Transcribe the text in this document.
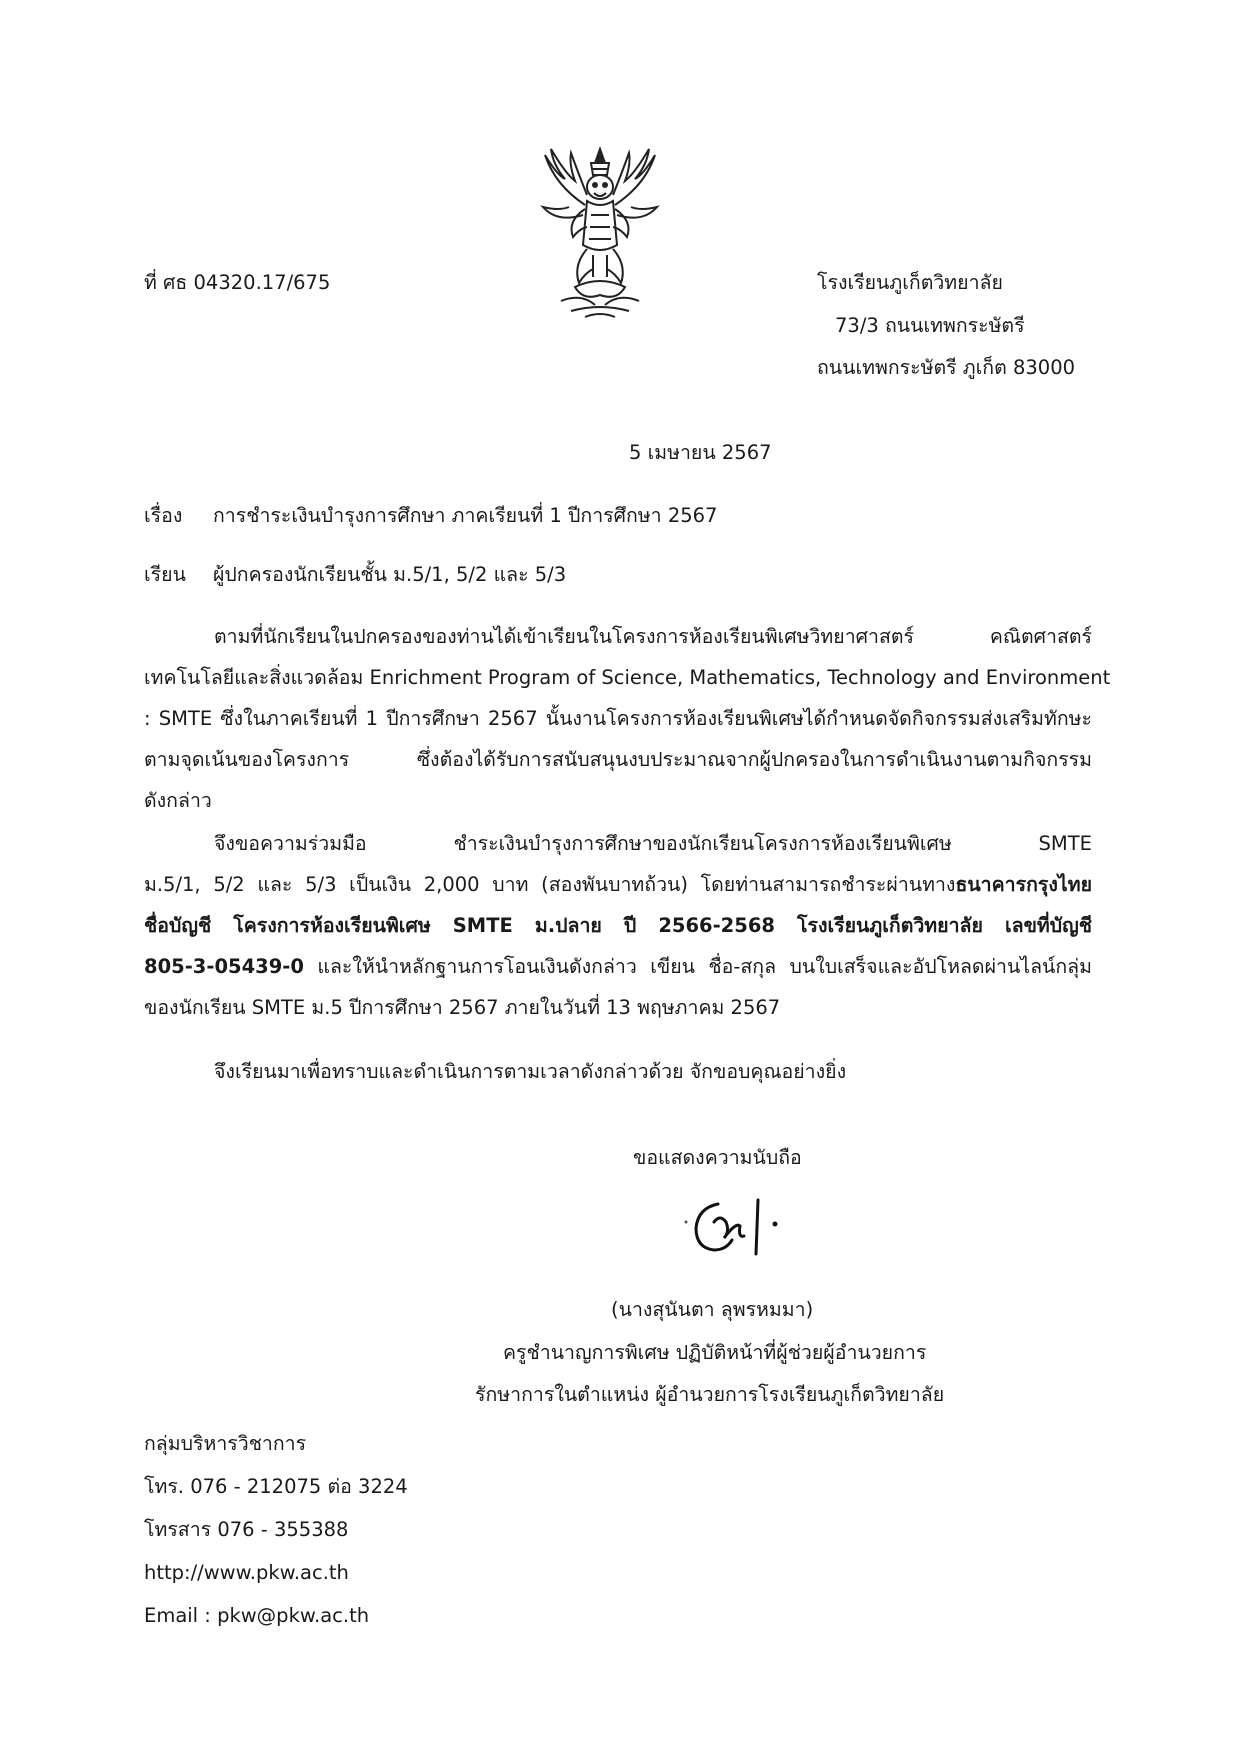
ที่ ศธ 04320.17/675	โรงเรียนภูเก็ตวิทยาลัย
73/3 ถนนเทพกระษัตรี
ถนนเทพกระษัตรี ภูเก็ต 83000
5 เมษายน 2567
เรื่อง การชำระเงินบำรุงการศึกษา ภาคเรียนที่ 1 ปีการศึกษา 2567
เรียน ผู้ปกครองนักเรียนชั้น ม.5/1, 5/2 และ 5/3
ตามที่นักเรียนในปกครองของท่านได้เข้าเรียนในโครงการห้องเรียนพิเศษวิทยาศาสตร์ คณิตศาสตร์
เทคโนโลยีและสิ่งแวดล้อม Enrichment Program of Science, Mathematics, Technology and Environment
: SMTE ซึ่งในภาคเรียนที่ 1 ปีการศึกษา 2567 นั้นงานโครงการห้องเรียนพิเศษได้กำหนดจัดกิจกรรมส่งเสริมทักษะ
ตามจุดเน้นของโครงการ ซึ่งต้องได้รับการสนับสนุนงบประมาณจากผู้ปกครองในการดำเนินงานตามกิจกรรม
ดังกล่าว
จึงขอความร่วมมือ ชำระเงินบำรุงการศึกษาของนักเรียนโครงการห้องเรียนพิเศษ SMTE
ม.5/1, 5/2 และ 5/3 เป็นเงิน 2,000 บาท (สองพันบาทถ้วน) โดยท่านสามารถชำระผ่านทางธนาคารกรุงไทย
ชื่อบัญชี โครงการห้องเรียนพิเศษ SMTE ม.ปลาย ปี 2566-2568 โรงเรียนภูเก็ตวิทยาลัย เลขที่บัญชี
805-3-05439-0 และให้นำหลักฐานการโอนเงินดังกล่าว เขียน ชื่อ-สกุล บนใบเสร็จและอัปโหลดผ่านไลน์กลุ่ม
ของนักเรียน SMTE ม.5 ปีการศึกษา 2567 ภายในวันที่ 13 พฤษภาคม 2567
จึงเรียนมาเพื่อทราบและดำเนินการตามเวลาดังกล่าวด้วย จักขอบคุณอย่างยิ่ง
ขอแสดงความนับถือ
(นางสุนันตา ลุพรหมมา)
ครูชำนาญการพิเศษ ปฏิบัติหน้าที่ผู้ช่วยผู้อำนวยการ
รักษาการในตำแหน่ง ผู้อำนวยการโรงเรียนภูเก็ตวิทยาลัย
กลุ่มบริหารวิชาการ
โทร. 076 - 212075 ต่อ 3224
โทรสาร 076 - 355388
http://www.pkw.ac.th
Email : pkw@pkw.ac.th
